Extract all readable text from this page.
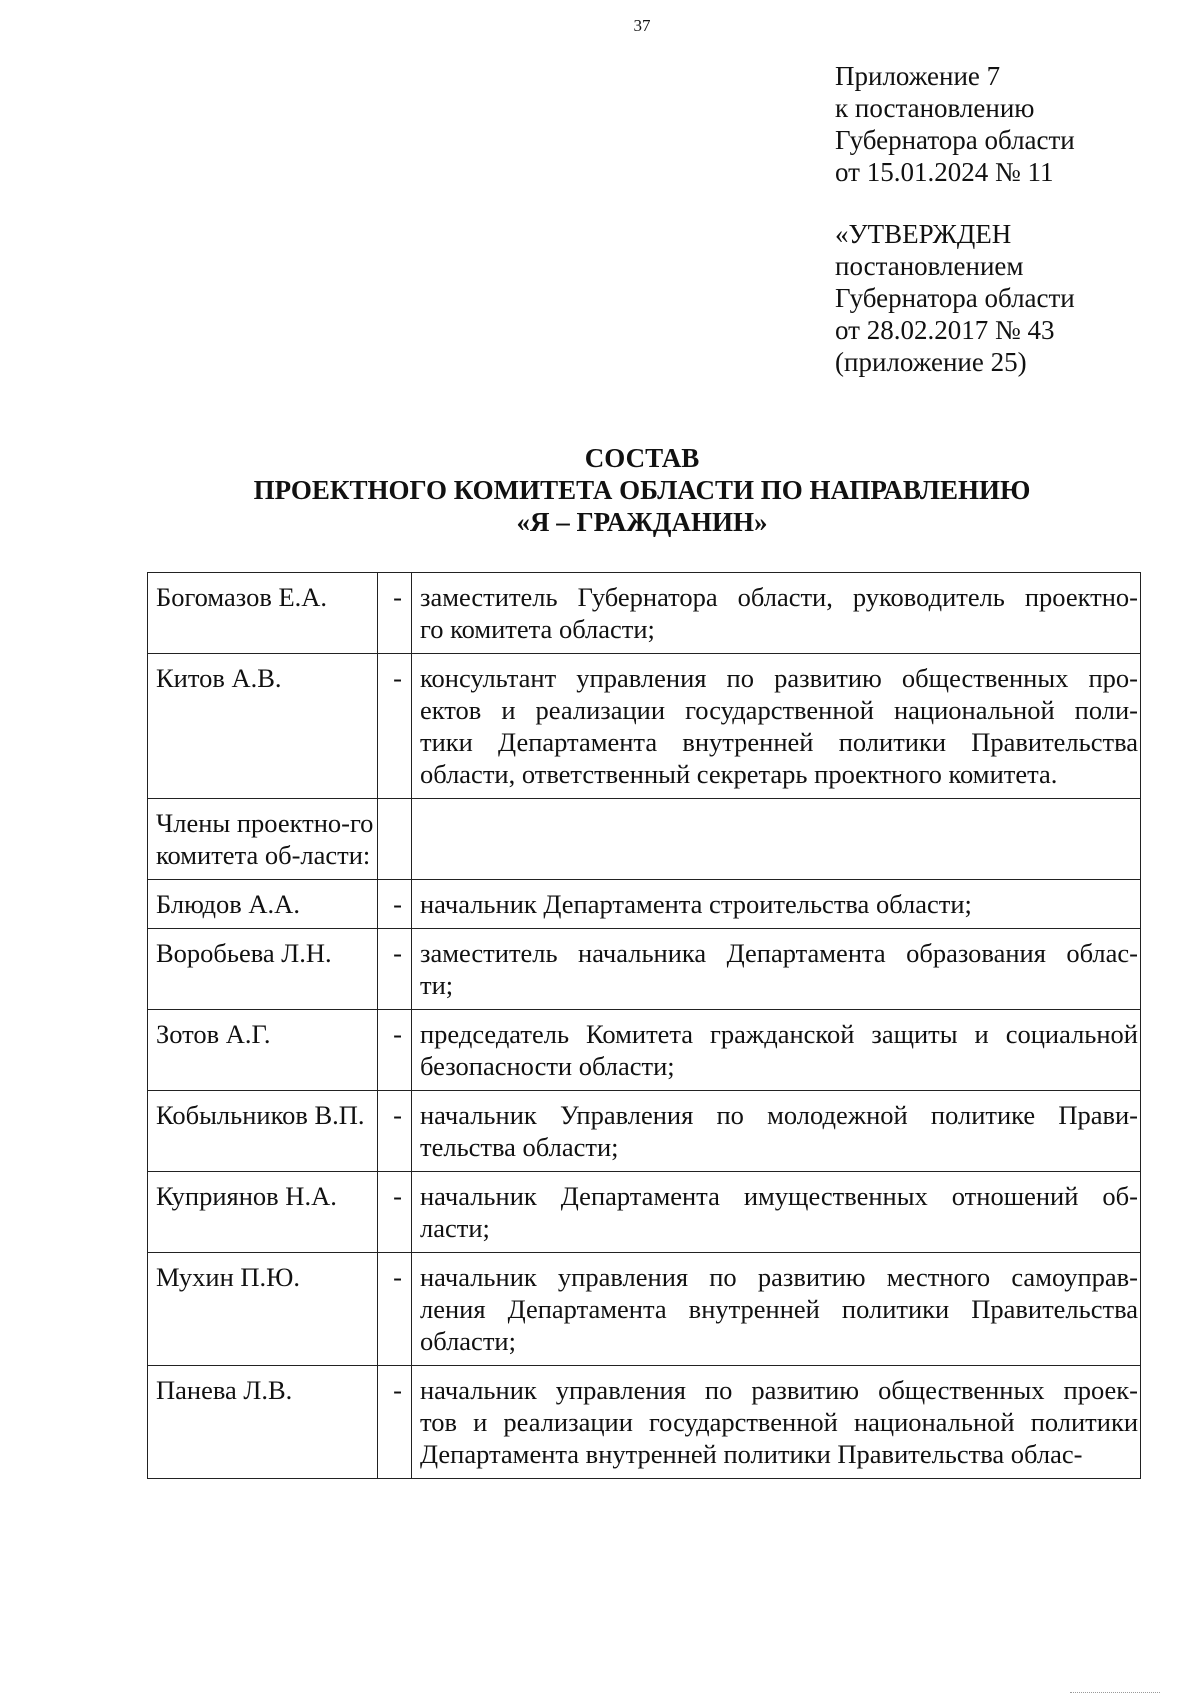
37
Приложение 7
к постановлению
Губернатора области
от 15.01.2024 № 11
«УТВЕРЖДЕН
постановлением
Губернатора области
от 28.02.2017 № 43
(приложение 25)
СОСТАВ
ПРОЕКТНОГО КОМИТЕТА ОБЛАСТИ ПО НАПРАВЛЕНИЮ
«Я – ГРАЖДАНИН»
Богомазов Е.А.	-	заместитель Губернатора области, руководитель проектно-
го комитета области;

Китов А.В.	-	консультант управления по развитию общественных про-
ектов и реализации государственной национальной поли-
тики Департамента внутренней политики Правительства
области, ответственный секретарь проектного комитета.

Члены проектно-го комитета об-ласти:		
Блюдов А.А.	-	начальник Департамента строительства области;

Воробьева Л.Н.	-	заместитель начальника Департамента образования облас-
ти;

Зотов А.Г.	-	председатель Комитета гражданской защиты и социальной
безопасности области;

Кобыльников В.П.	-	начальник Управления по молодежной политике Прави-
тельства области;

Куприянов Н.А.	-	начальник Департамента имущественных отношений об-
ласти;

Мухин П.Ю.	-	начальник управления по развитию местного самоуправ-
ления Департамента внутренней политики Правительства
области;

Панева Л.В.	-	начальник управления по развитию общественных проек-
тов и реализации государственной национальной политики
Департамента внутренней политики Правительства облас-
